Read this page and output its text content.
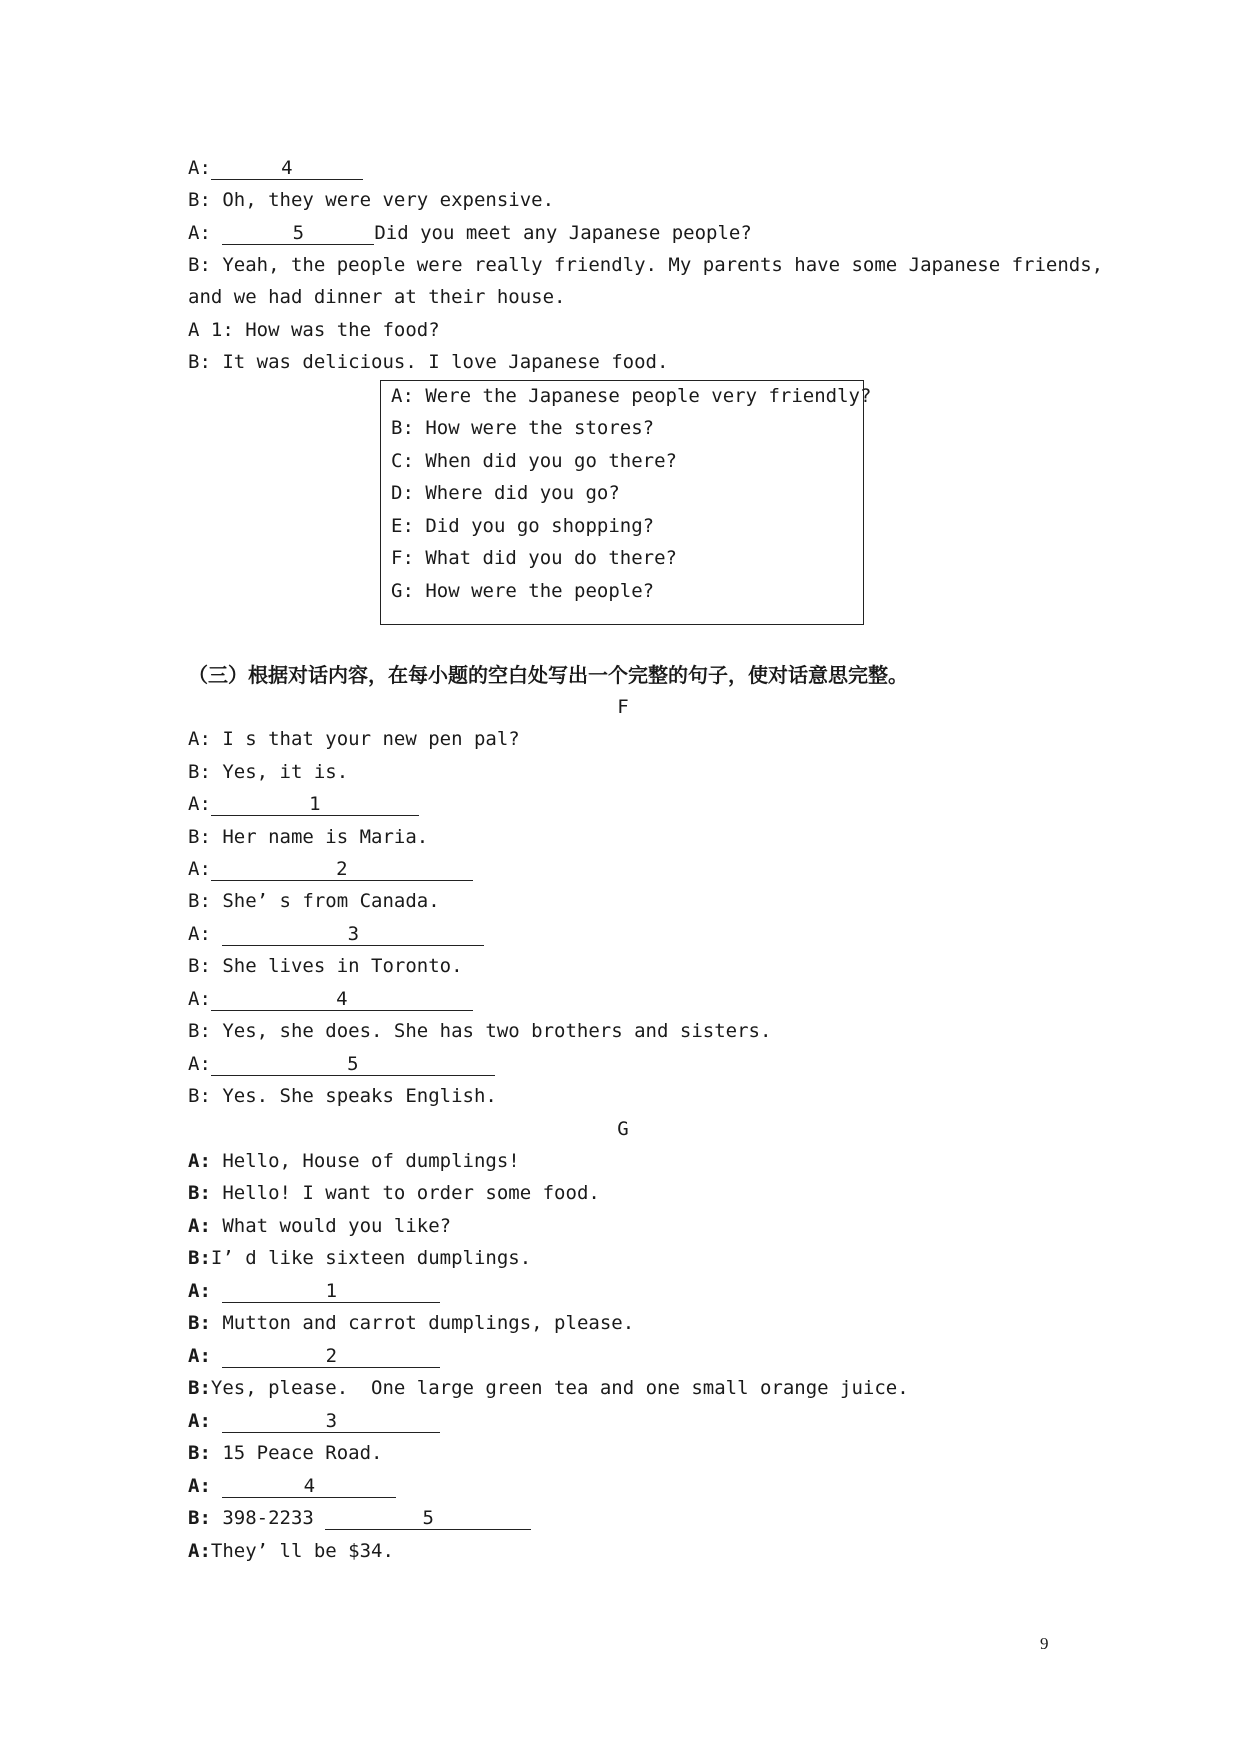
A:	4
B: Oh, they were very expensive.
A:	5	Did you meet any Japanese people?
B: Yeah, the people were really friendly. My parents have some Japanese friends,
and we had dinner at their house.
A 1: How was the food?
B: It was delicious. I love Japanese food.
A: Were the Japanese people very friendly?
B: How were the stores?
C: When did you go there?
D: Where did you go?
E: Did you go shopping?
F: What did you do there?
G: How were the people?
（三）根据对话内容，在每小题的空白处写出一个完整的句子，使对话意思完整。
F
A: I s that your new pen pal?
B: Yes, it is.
A:	1
B: Her name is Maria.
A:	2
B: She’ s from Canada.
A:	3
B: She lives in Toronto.
A:	4
B: Yes, she does. She has two brothers and sisters.
A:	5
B: Yes. She speaks English.
G
A: Hello, House of dumplings!
B: Hello! I want to order some food.
A: What would you like?
B:I’ d like sixteen dumplings.
A:	1
B: Mutton and carrot dumplings, please.
A:	2
B:Yes, please.  One large green tea and one small orange juice.
A:	3
B: 15 Peace Road.
A:	4
B: 398-2233	5
A:They’ ll be $34.
9
